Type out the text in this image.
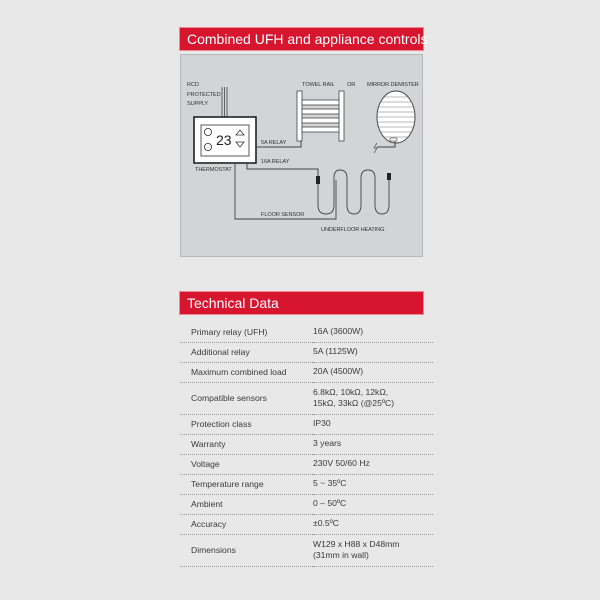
Combined UFH and appliance controls
RCD
PROTECTED
SUPPLY
23
THERMOSTAT
5A RELAY
TOWEL RAIL OR MIRROR DEMISTER
16A RELAY
FLOOR SENSOR
UNDERFLOOR HEATING
Technical Data
Primary relay (UFH)	16A (3600W)
Additional relay	5A (1125W)
Maximum combined load	20A (4500W)
Compatible sensors	6.8kΩ, 10kΩ, 12kΩ,
15kΩ, 33kΩ (@25ºC)

Protection class	IP30
Warranty	3 years
Voltage	230V 50/60 Hz
Temperature range	5 ~ 35ºC
Ambient	0 – 50ºC
Accuracy	±0.5ºC
Dimensions	W129 x H88 x D48mm
(31mm in wall)
